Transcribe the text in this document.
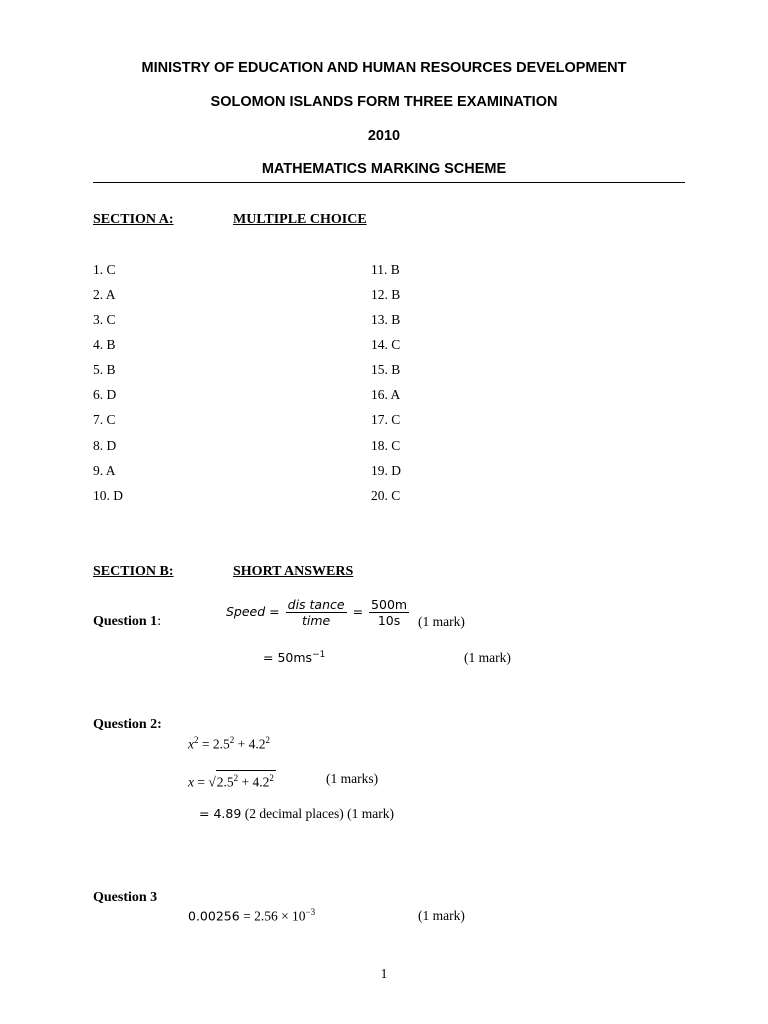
MINISTRY OF EDUCATION AND HUMAN RESOURCES DEVELOPMENT
SOLOMON ISLANDS FORM THREE EXAMINATION
2010
MATHEMATICS MARKING SCHEME
SECTION A:	MULTIPLE CHOICE
1. C
2. A
3. C
4. B
5. B
6. D
7. C
8. D
9. A
10. D
11. B
12. B
13. B
14. C
15. B
16. A
17. C
18. C
19. D
20. C
SECTION B:	SHORT ANSWERS
Question 1:
Speed = $\frac{\text{dis tance}}{\text{time}} = \frac{500m}{10s} (1$ mark)
= $50ms^{-1}$	(1 mark)
Question 2:
$x^2 = 2.5^2 + 4.2^2$
$x = √2.5^2 + 4.2^2$	(1 marks)
= 4.89 (2 decimal places) (1 mark)
Question 3
$0.00256 = 2.56 \times 10^{-3}$	(1 mark)
1
